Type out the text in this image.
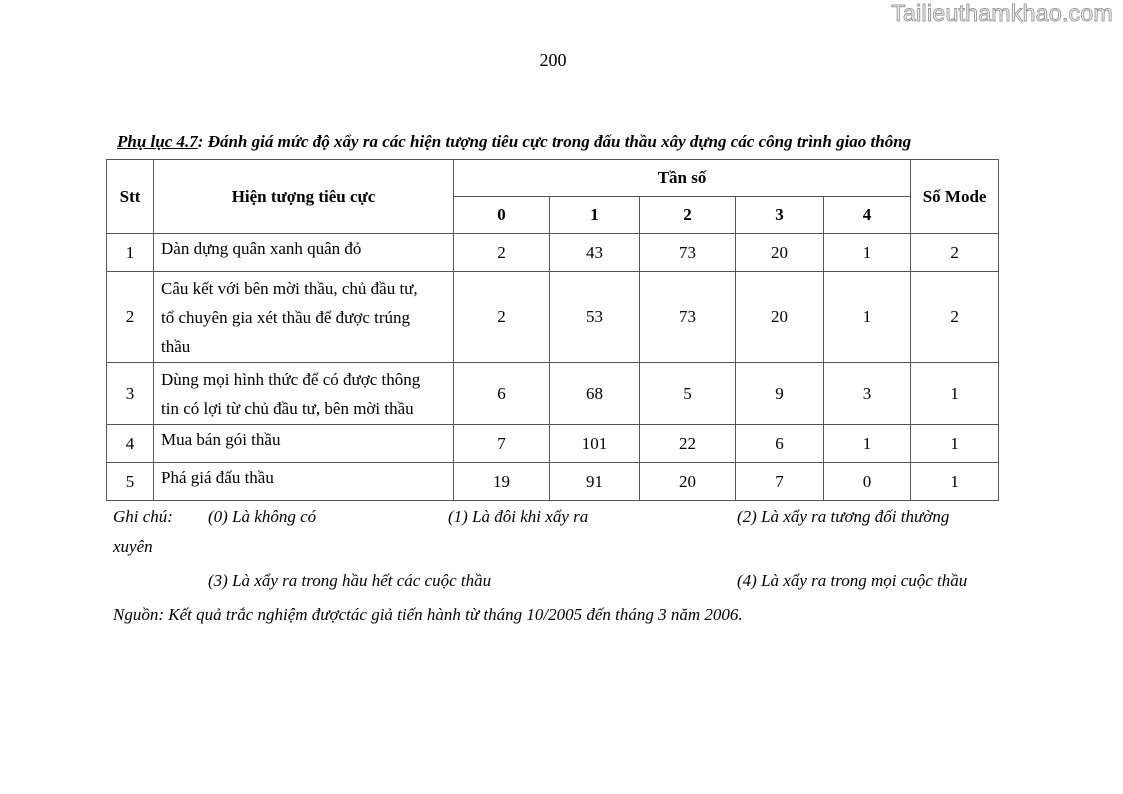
Tailieuthamkhao.com
200
Phụ lục 4.7: Đánh giá mức độ xẩy ra các hiện tượng tiêu cực trong đấu thầu xây dựng các công trình giao thông
Stt	Hiện tượng tiêu cực	Tần số					Số Mode
		0	1	2	3	4	
1	Dàn dựng quân xanh quân đỏ	2	43	73	20	1	2
2	Câu kết với bên mời thầu, chủ đầu tư,
tổ chuyên gia xét thầu để được trúng
thầu	2	53	73	20	1	2
3	Dùng mọi hình thức để có được thông
tin có lợi từ chủ đầu tư, bên mời thầu	6	68	5	9	3	1
4	Mua bán gói thầu	7	101	22	6	1	1
5	Phá giá đấu thầu	19	91	20	7	0	1
Ghi chú: (0) Là không có	(1) Là đôi khi xẩy ra	(2) Là xẩy ra tương đối thường
xuyên
(3) Là xẩy ra trong hầu hết các cuộc thầu	(4) Là xẩy ra trong mọi cuộc thầu
Nguồn: Kết quả trắc nghiệm đượctác giả tiến hành từ tháng 10/2005 đến tháng 3 năm 2006.
